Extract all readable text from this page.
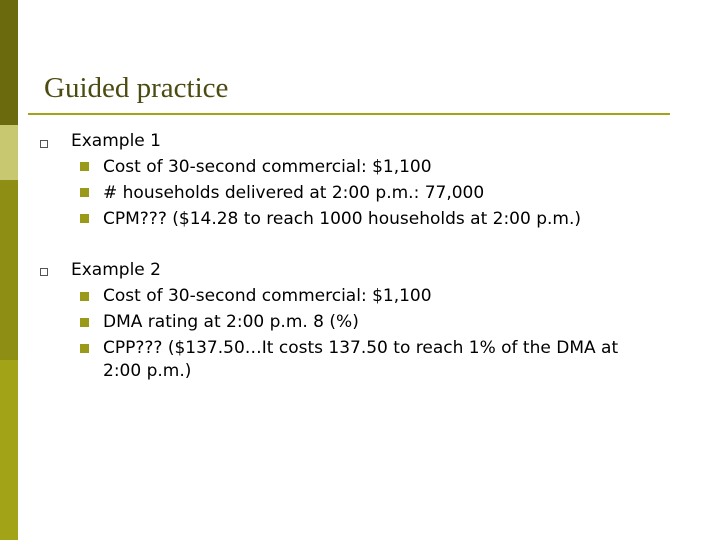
Guided practice
Example 1
Cost of 30-second commercial: $1,100
# households delivered at 2:00 p.m.: 77,000
CPM??? ($14.28 to reach 1000 households at 2:00 p.m.)
Example 2
Cost of 30-second commercial: $1,100
DMA rating at 2:00 p.m. 8 (%)
CPP??? ($137.50…It costs 137.50 to reach 1% of the DMA at
2:00 p.m.)
